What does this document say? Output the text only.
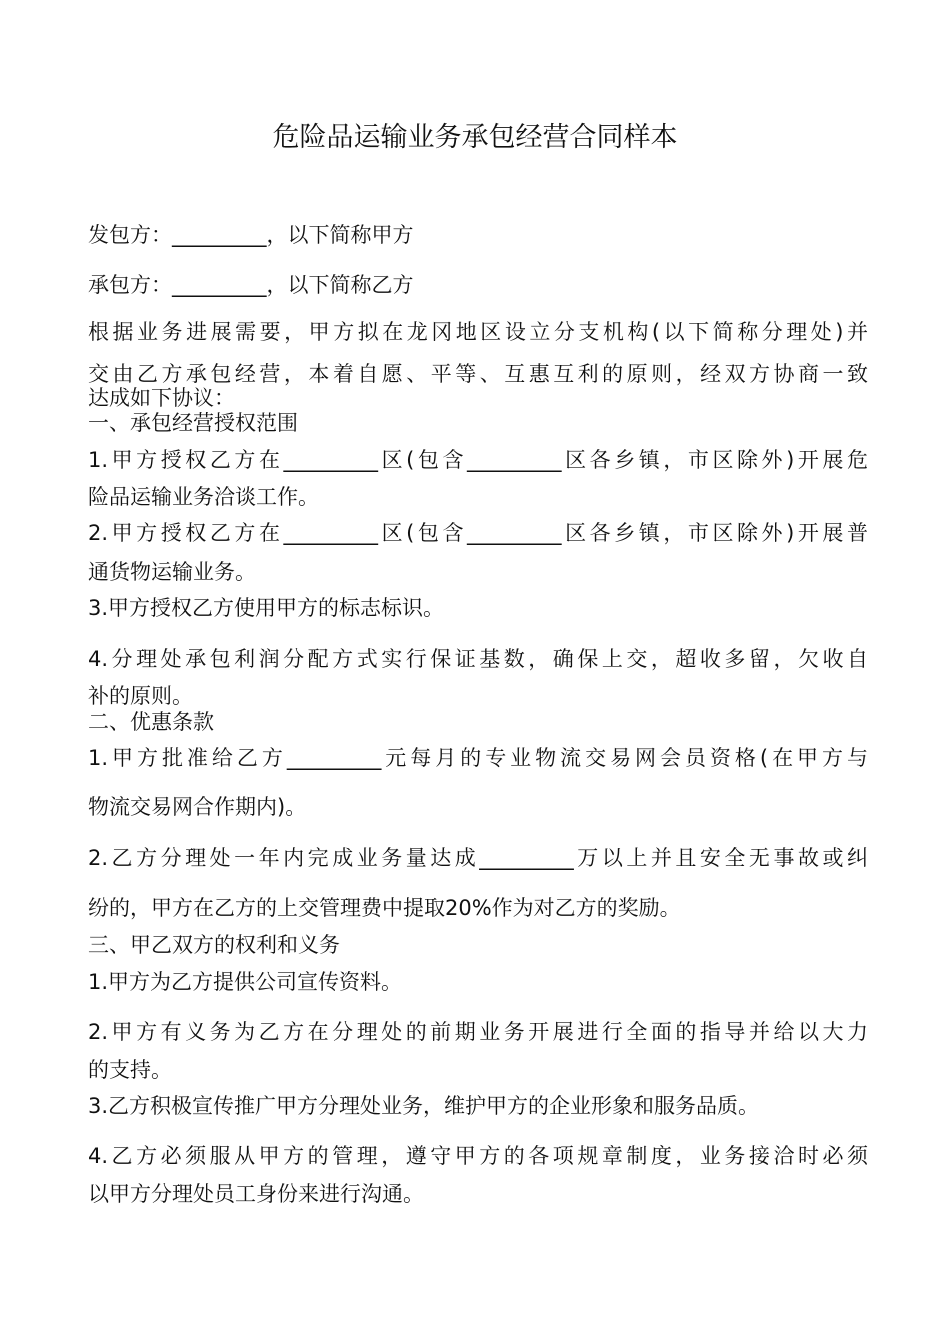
危险品运输业务承包经营合同样本

发包方：_________，以下简称甲方

承包方：_________，以下简称乙方

根据业务进展需要，甲方拟在龙冈地区设立分支机构(以下简称分理处)并

交由乙方承包经营，本着自愿、平等、互惠互利的原则，经双方协商一致

达成如下协议：

一、承包经营授权范围

1.甲方授权乙方在_________区(包含_________区各乡镇，市区除外)开展危

险品运输业务洽谈工作。

2.甲方授权乙方在_________区(包含_________区各乡镇，市区除外)开展普

通货物运输业务。

3.甲方授权乙方使用甲方的标志标识。

4.分理处承包利润分配方式实行保证基数，确保上交，超收多留，欠收自

补的原则。

二、优惠条款

1.甲方批准给乙方_________元每月的专业物流交易网会员资格(在甲方与

物流交易网合作期内)。

2.乙方分理处一年内完成业务量达成_________万以上并且安全无事故或纠

纷的，甲方在乙方的上交管理费中提取20%作为对乙方的奖励。

三、甲乙双方的权利和义务

1.甲方为乙方提供公司宣传资料。

2.甲方有义务为乙方在分理处的前期业务开展进行全面的指导并给以大力

的支持。

3.乙方积极宣传推广甲方分理处业务，维护甲方的企业形象和服务品质。

4.乙方必须服从甲方的管理，遵守甲方的各项规章制度，业务接洽时必须

以甲方分理处员工身份来进行沟通。
